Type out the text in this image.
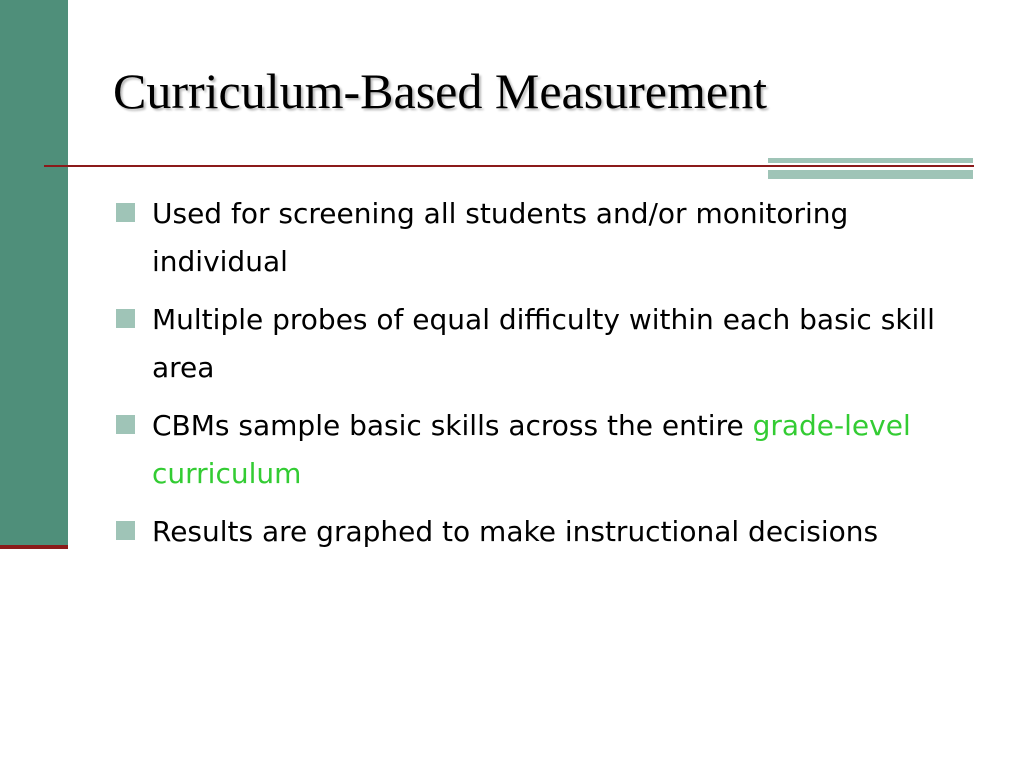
Curriculum-Based Measurement
Used for screening all students and/or monitoring individual
Multiple probes of equal difficulty within each basic skill area
CBMs sample basic skills across the entire grade-level curriculum
Results are graphed to make instructional decisions
